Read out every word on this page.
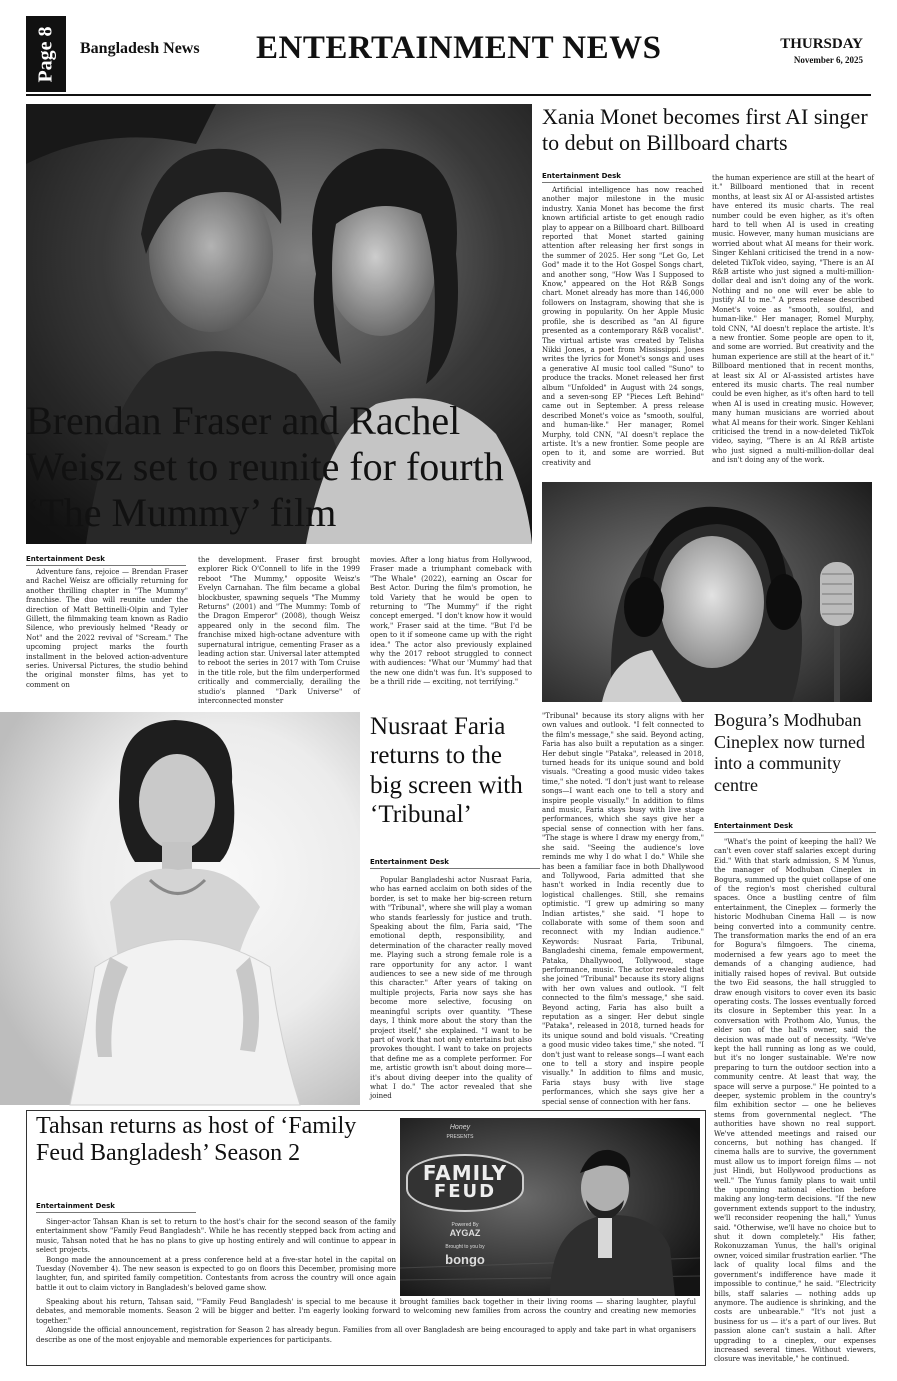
Page 8 Bangladesh News ENTERTAINMENT NEWS	THURSDAY
November 6, 2025
Brendan Fraser and Rachel Weisz set to reunite for fourth ‘The Mummy’ film
Entertainment Desk

Adventure fans, rejoice — Brendan Fraser and Rachel Weisz are officially returning for another thrilling chapter in "The Mummy" franchise. The duo will reunite under the direction of Matt Bettinelli-Olpin and Tyler Gillett, the filmmaking team known as Radio Silence, who previously helmed "Ready or Not" and the 2022 revival of "Scream." The upcoming project marks the fourth installment in the beloved action-adventure series. Universal Pictures, the studio behind the original monster films, has yet to comment on

the development. Fraser first brought explorer Rick O'Connell to life in the 1999 reboot "The Mummy," opposite Weisz's Evelyn Carnahan. The film became a global blockbuster, spawning sequels "The Mummy Returns" (2001) and "The Mummy: Tomb of the Dragon Emperor" (2008), though Weisz appeared only in the second film. The franchise mixed high-octane adventure with supernatural intrigue, cementing Fraser as a leading action star. Universal later attempted to reboot the series in 2017 with Tom Cruise in the title role, but the film underperformed critically and commercially, derailing the studio's planned "Dark Universe" of interconnected monster

movies. After a long hiatus from Hollywood, Fraser made a triumphant comeback with "The Whale" (2022), earning an Oscar for Best Actor. During the film's promotion, he told Variety that he would be open to returning to "The Mummy" if the right concept emerged. "I don't know how it would work," Fraser said at the time. "But I'd be open to it if someone came up with the right idea." The actor also previously explained why the 2017 reboot struggled to connect with audiences: "What our 'Mummy' had that the new one didn't was fun. It's supposed to be a thrill ride — exciting, not terrifying."

Xania Monet becomes first AI singer to debut on Billboard charts
Entertainment Desk

Artificial intelligence has now reached another major milestone in the music industry. Xania Monet has become the first known artificial artiste to get enough radio play to appear on a Billboard chart. Billboard reported that Monet started gaining attention after releasing her first songs in the summer of 2025. Her song "Let Go, Let God" made it to the Hot Gospel Songs chart, and another song, "How Was I Supposed to Know," appeared on the Hot R&B Songs chart. Monet already has more than 146,000 followers on Instagram, showing that she is growing in popularity. On her Apple Music profile, she is described as "an AI figure presented as a contemporary R&B vocalist". The virtual artiste was created by Telisha Nikki Jones, a poet from Mississippi. Jones writes the lyrics for Monet's songs and uses a generative AI music tool called "Suno" to produce the tracks. Monet released her first album "Unfolded" in August with 24 songs, and a seven-song EP "Pieces Left Behind" came out in September. A press release described Monet's voice as "smooth, soulful, and human-like." Her manager, Romel Murphy, told CNN, "AI doesn't replace the artiste. It's a new frontier. Some people are open to it, and some are worried. But creativity and

the human experience are still at the heart of it." Billboard mentioned that in recent months, at least six AI or AI-assisted artistes have entered its music charts. The real number could be even higher, as it's often hard to tell when AI is used in creating music. However, many human musicians are worried about what AI means for their work. Singer Kehlani criticised the trend in a now-deleted TikTok video, saying, "There is an AI R&B artiste who just signed a multi-million-dollar deal and isn't doing any of the work. Nothing and no one will ever be able to justify AI to me." A press release described Monet's voice as "smooth, soulful, and human-like." Her manager, Romel Murphy, told CNN, "AI doesn't replace the artiste. It's a new frontier. Some people are open to it, and some are worried. But creativity and the human experience are still at the heart of it." Billboard mentioned that in recent months, at least six AI or AI-assisted artistes have entered its music charts. The real number could be even higher, as it's often hard to tell when AI is used in creating music. However, many human musicians are worried about what AI means for their work. Singer Kehlani criticised the trend in a now-deleted TikTok video, saying, "There is an AI R&B artiste who just signed a multi-million-dollar deal and isn't doing any of the work.

Nusraat Faria returns to the big screen with ‘Tribunal’
Entertainment Desk

Popular Bangladeshi actor Nusraat Faria, who has earned acclaim on both sides of the border, is set to make her big-screen return with "Tribunal", where she will play a woman who stands fearlessly for justice and truth. Speaking about the film, Faria said, "The emotional depth, responsibility, and determination of the character really moved me. Playing such a strong female role is a rare opportunity for any actor. I want audiences to see a new side of me through this character." After years of taking on multiple projects, Faria now says she has become more selective, focusing on meaningful scripts over quantity. "These days, I think more about the story than the project itself," she explained. "I want to be part of work that not only entertains but also provokes thought. I want to take on projects that define me as a complete performer. For me, artistic growth isn't about doing more—it's about diving deeper into the quality of what I do." The actor revealed that she joined

"Tribunal" because its story aligns with her own values and outlook. "I felt connected to the film's message," she said. Beyond acting, Faria has also built a reputation as a singer. Her debut single "Pataka", released in 2018, turned heads for its unique sound and bold visuals. "Creating a good music video takes time," she noted. "I don't just want to release songs—I want each one to tell a story and inspire people visually." In addition to films and music, Faria stays busy with live stage performances, which she says give her a special sense of connection with her fans. "The stage is where I draw my energy from," she said. "Seeing the audience's love reminds me why I do what I do." While she has been a familiar face in both Dhallywood and Tollywood, Faria admitted that she hasn't worked in India recently due to logistical challenges. Still, she remains optimistic. "I grew up admiring so many Indian artistes," she said. "I hope to collaborate with some of them soon and reconnect with my Indian audience." Keywords: Nusraat Faria, Tribunal, Bangladeshi cinema, female empowerment, Pataka, Dhallywood, Tollywood, stage performance, music. The actor revealed that she joined "Tribunal" because its story aligns with her own values and outlook. "I felt connected to the film's message," she said. Beyond acting, Faria has also built a reputation as a singer. Her debut single "Pataka", released in 2018, turned heads for its unique sound and bold visuals. "Creating a good music video takes time," she noted. "I don't just want to release songs—I want each one to tell a story and inspire people visually." In addition to films and music, Faria stays busy with live stage performances, which she says give her a special sense of connection with her fans.

Bogura’s Modhuban Cineplex now turned into a community centre
Entertainment Desk

"What's the point of keeping the hall? We can't even cover staff salaries except during Eid." With that stark admission, S M Yunus, the manager of Modhuban Cineplex in Bogura, summed up the quiet collapse of one of the region's most cherished cultural spaces. Once a bustling centre of film entertainment, the Cineplex — formerly the historic Modhuban Cinema Hall — is now being converted into a community centre. The transformation marks the end of an era for Bogura's filmgoers. The cinema, modernised a few years ago to meet the demands of a changing audience, had initially raised hopes of revival. But outside the two Eid seasons, the hall struggled to draw enough visitors to cover even its basic operating costs. The losses eventually forced its closure in September this year. In a conversation with Prothom Alo, Yunus, the elder son of the hall's owner, said the decision was made out of necessity. "We've kept the hall running as long as we could, but it's no longer sustainable. We're now preparing to turn the outdoor section into a community centre. At least that way, the space will serve a purpose." He pointed to a deeper, systemic problem in the country's film exhibition sector — one he believes stems from governmental neglect. "The authorities have shown no real support. We've attended meetings and raised our concerns, but nothing has changed. If cinema halls are to survive, the government must allow us to import foreign films — not just Hindi, but Hollywood productions as well." The Yunus family plans to wait until the upcoming national election before making any long-term decisions. "If the new government extends support to the industry, we'll reconsider reopening the hall," Yunus said. "Otherwise, we'll have no choice but to shut it down completely." His father, Rokonuzzaman Yunus, the hall's original owner, voiced similar frustration earlier. "The lack of quality local films and the government's indifference have made it impossible to continue," he said. "Electricity bills, staff salaries — nothing adds up anymore. The audience is shrinking, and the costs are unbearable." "It's not just a business for us — it's a part of our lives. But passion alone can't sustain a hall. After upgrading to a cineplex, our expenses increased several times. Without viewers, closure was inevitable," he continued.

Tahsan returns as host of ‘Family Feud Bangladesh’ Season 2
Entertainment Desk

Singer-actor Tahsan Khan is set to return to the host's chair for the second season of the family entertainment show "Family Feud Bangladesh". While he has recently stepped back from acting and music, Tahsan noted that he has no plans to give up hosting entirely and will continue to appear in select projects.

Bongo made the announcement at a press conference held at a five-star hotel in the capital on Tuesday (November 4). The new season is expected to go on floors this December, promising more laughter, fun, and spirited family competition. Contestants from across the country will once again battle it out to claim victory in Bangladesh's beloved game show.

Speaking about his return, Tahsan said, "'Family Feud Bangladesh' is special to me because it brought families back together in their living rooms — sharing laughter, playful debates, and memorable moments. Season 2 will be bigger and better. I'm eagerly looking forward to welcoming new families from across the country and creating new memories together."

Alongside the official announcement, registration for Season 2 has already begun. Families from all over Bangladesh are being encouraged to apply and take part in what organisers describe as one of the most enjoyable and memorable experiences for participants.

Honey
PRESENTS
FAMILY
FEUD
Powered By
AYGAZ
Brought to you by
bongo
